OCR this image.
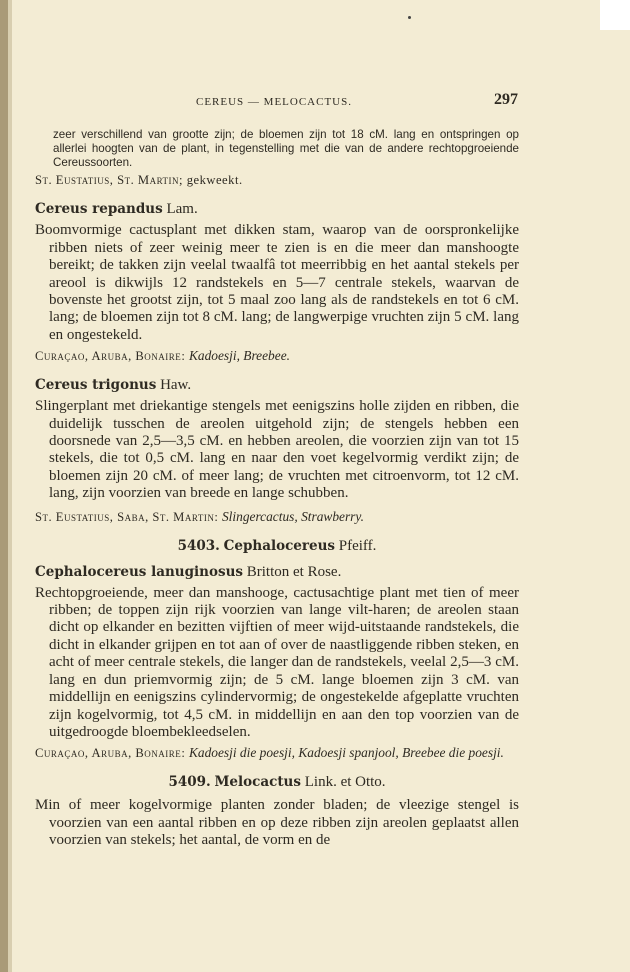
CEREUS — MELOCACTUS.	297

zeer verschillend van grootte zijn; de bloemen zijn tot 18 cM. lang en ontspringen op allerlei hoogten van de plant, in tegenstelling met die van de andere rechtopgroeiende Cereussoorten.

St. Eustatius, St. Martin; gekweekt.

Cereus repandus Lam.

Boomvormige cactusplant met dikken stam, waarop van de oorspronkelijke ribben niets of zeer weinig meer te zien is en die meer dan manshoogte bereikt; de takken zijn veelal twaalfâ tot meerribbig en het aantal stekels per areool is dikwijls 12 randstekels en 5—7 centrale stekels, waarvan de bovenste het grootst zijn, tot 5 maal zoo lang als de randstekels en tot 6 cM. lang; de bloemen zijn tot 8 cM. lang; de langwerpige vruchten zijn 5 cM. lang en ongestekeld.

Curaçao, Aruba, Bonaire: Kadoesji, Breebee.

Cereus trigonus Haw.

Slingerplant met driekantige stengels met eenigszins holle zijden en ribben, die duidelijk tusschen de areolen uitgehold zijn; de stengels hebben een doorsnede van 2,5—3,5 cM. en hebben areolen, die voorzien zijn van tot 15 stekels, die tot 0,5 cM. lang en naar den voet kegelvormig verdikt zijn; de bloemen zijn 20 cM. of meer lang; de vruchten met citroenvorm, tot 12 cM. lang, zijn voorzien van breede en lange schubben.

St. Eustatius, Saba, St. Martin: Slingercactus, Strawberry.

5403. Cephalocereus Pfeiff.

Cephalocereus lanuginosus Britton et Rose.

Rechtopgroeiende, meer dan manshooge, cactusachtige plant met tien of meer ribben; de toppen zijn rijk voorzien van lange vilt-haren; de areolen staan dicht op elkander en bezitten vijftien of meer wijd-uitstaande randstekels, die dicht in elkander grijpen en tot aan of over de naastliggende ribben steken, en acht of meer centrale stekels, die langer dan de randstekels, veelal 2,5—3 cM. lang en dun priemvormig zijn; de 5 cM. lange bloemen zijn 3 cM. van middellijn en eenigszins cylindervormig; de ongestekelde afgeplatte vruchten zijn kogelvormig, tot 4,5 cM. in middellijn en aan den top voorzien van de uitgedroogde bloembekleedselen.

Curaçao, Aruba, Bonaire: Kadoesji die poesji, Kadoesji spanjool, Breebee die poesji.

5409. Melocactus Link. et Otto.

Min of meer kogelvormige planten zonder bladen; de vleezige stengel is voorzien van een aantal ribben en op deze ribben zijn areolen geplaatst allen voorzien van stekels; het aantal, de vorm en de
